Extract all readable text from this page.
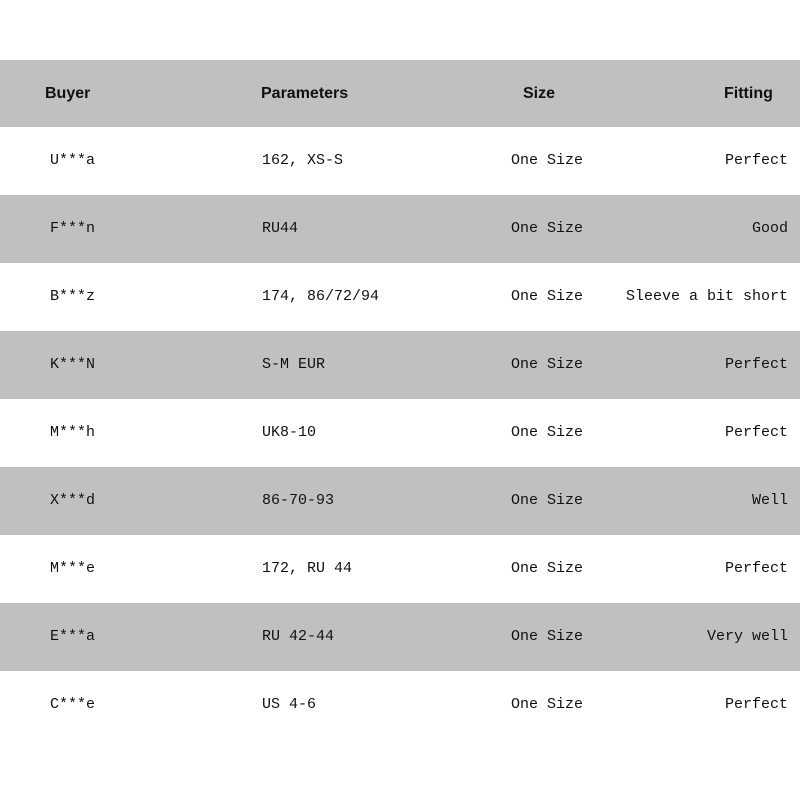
Buyer	Parameters	Size	Fitting
U***a	162, XS-S	One Size	Perfect
F***n	RU44	One Size	Good
B***z	174, 86/72/94	One Size	Sleeve a bit short
K***N	S-M EUR	One Size	Perfect
M***h	UK8-10	One Size	Perfect
X***d	86-70-93	One Size	Well
M***e	172, RU 44	One Size	Perfect
E***a	RU 42-44	One Size	Very well
C***e	US 4-6	One Size	Perfect
